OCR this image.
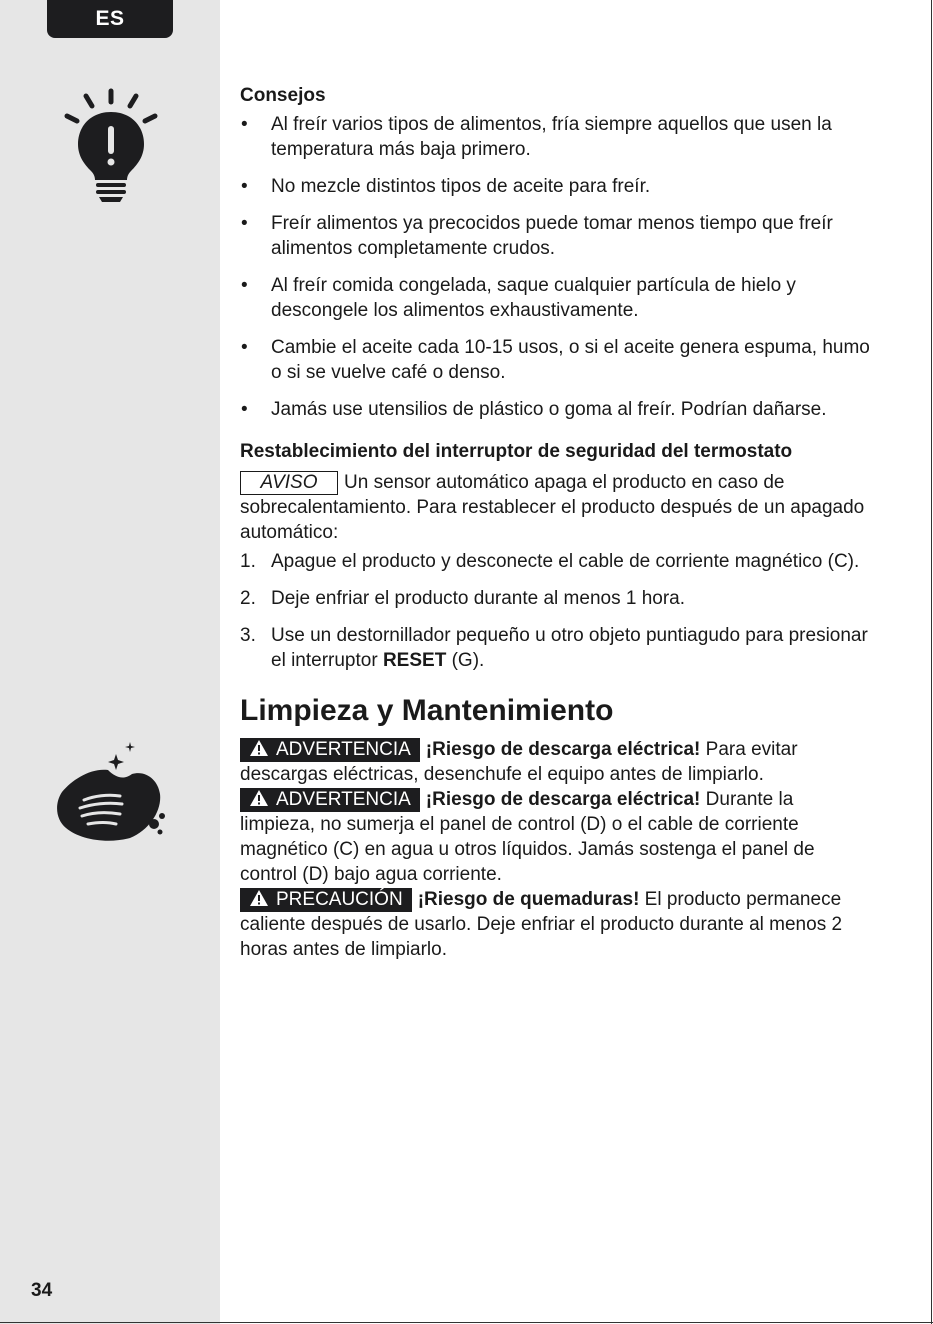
ES
Consejos
• Al freír varios tipos de alimentos, fría siempre aquellos que usen la temperatura más baja primero.
• No mezcle distintos tipos de aceite para freír.
• Freír alimentos ya precocidos puede tomar menos tiempo que freír alimentos completamente crudos.
• Al freír comida congelada, saque cualquier partícula de hielo y descongele los alimentos exhaustivamente.
• Cambie el aceite cada 10-15 usos, o si el aceite genera espuma, humo o si se vuelve café o denso.
• Jamás use utensilios de plástico o goma al freír. Podrían dañarse.
Restablecimiento del interruptor de seguridad del termostato

AVISO Un sensor automático apaga el producto en caso de sobrecalentamiento. Para restablecer el producto después de un apagado automático:

1. Apague el producto y desconecte el cable de corriente magnético (C).
2. Deje enfriar el producto durante al menos 1 hora.
3. Use un destornillador pequeño u otro objeto puntiagudo para presionar el interruptor RESET (G).
Limpieza y Mantenimiento

ADVERTENCIA ¡Riesgo de descarga eléctrica! Para evitar descargas eléctricas, desenchufe el equipo antes de limpiarlo.

ADVERTENCIA ¡Riesgo de descarga eléctrica! Durante la limpieza, no sumerja el panel de control (D) o el cable de corriente magnético (C) en agua u otros líquidos. Jamás sostenga el panel de control (D) bajo agua corriente.

PRECAUCIÓN ¡Riesgo de quemaduras! El producto permanece caliente después de usarlo. Deje enfriar el producto durante al menos 2 horas antes de limpiarlo.

34
